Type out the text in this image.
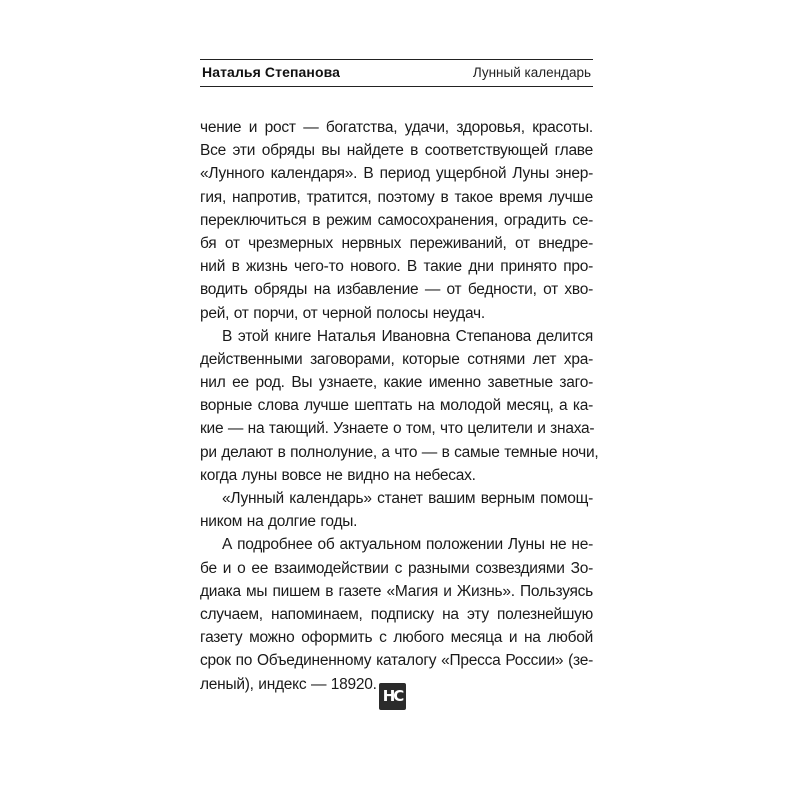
Наталья Степанова	Лунный календарь
чение и рост — богатства, удачи, здоровья, красоты.
Все эти обряды вы найдете в соответствующей главе
«Лунного календаря». В период ущербной Луны энер-
гия, напротив, тратится, поэтому в такое время лучше
переключиться в режим самосохранения, оградить се-
бя от чрезмерных нервных переживаний, от внедре-
ний в жизнь чего-то нового. В такие дни принято про-
водить обряды на избавление — от бедности, от хво-
рей, от порчи, от черной полосы неудач.
В этой книге Наталья Ивановна Степанова делится
действенными заговорами, которые сотнями лет хра-
нил ее род. Вы узнаете, какие именно заветные заго-
ворные слова лучше шептать на молодой месяц, а ка-
кие — на тающий. Узнаете о том, что целители и знаха-
ри делают в полнолуние, а что — в самые темные ночи,
когда луны вовсе не видно на небесах.
«Лунный календарь» станет вашим верным помощ-
ником на долгие годы.
А подробнее об актуальном положении Луны не не-
бе и о ее взаимодействии с разными созвездиями Зо-
диака мы пишем в газете «Магия и Жизнь». Пользуясь
случаем, напоминаем, подписку на эту полезнейшую
газету можно оформить с любого месяца и на любой
срок по Объединенному каталогу «Пресса России» (зе-
леный), индекс — 18920.
HC
